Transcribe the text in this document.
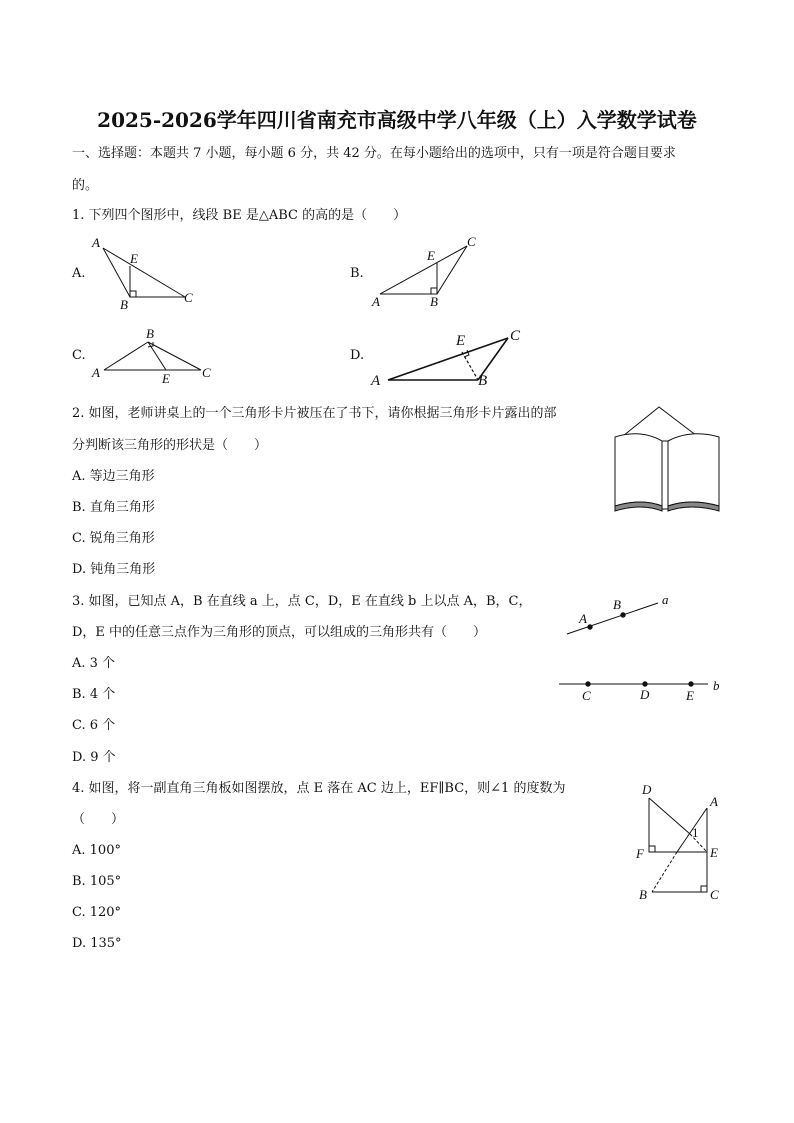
2025-2026学年四川省南充市高级中学八年级（上）入学数学试卷
一、选择题：本题共 7 小题，每小题 6 分，共 42 分。在每小题给出的选项中，只有一项是符合题目要求
的。
1. 下列四个图形中，线段 BE 是△ABC 的高的是（　　）
A.	B.
C.	D.
A
E
B	C
E
C
A	B
B
A	E C
E	C
A	B
A
B	a
C	D	E
b
D
A
1
F	E
B	C
2. 如图，老师讲桌上的一个三角形卡片被压在了书下，请你根据三角形卡片露出的部
分判断该三角形的形状是（　　）
A. 等边三角形
B. 直角三角形
C. 锐角三角形
D. 钝角三角形
3. 如图，已知点 A，B 在直线 a 上，点 C，D，E 在直线 b 上以点 A，B，C，
D，E 中的任意三点作为三角形的顶点，可以组成的三角形共有（　　）
A. 3 个
B. 4 个
C. 6 个
D. 9 个
4. 如图，将一副直角三角板如图摆放，点 E 落在 AC 边上，EF∥BC，则∠1 的度数为
（　　）
A. 100°
B. 105°
C. 120°
D. 135°
